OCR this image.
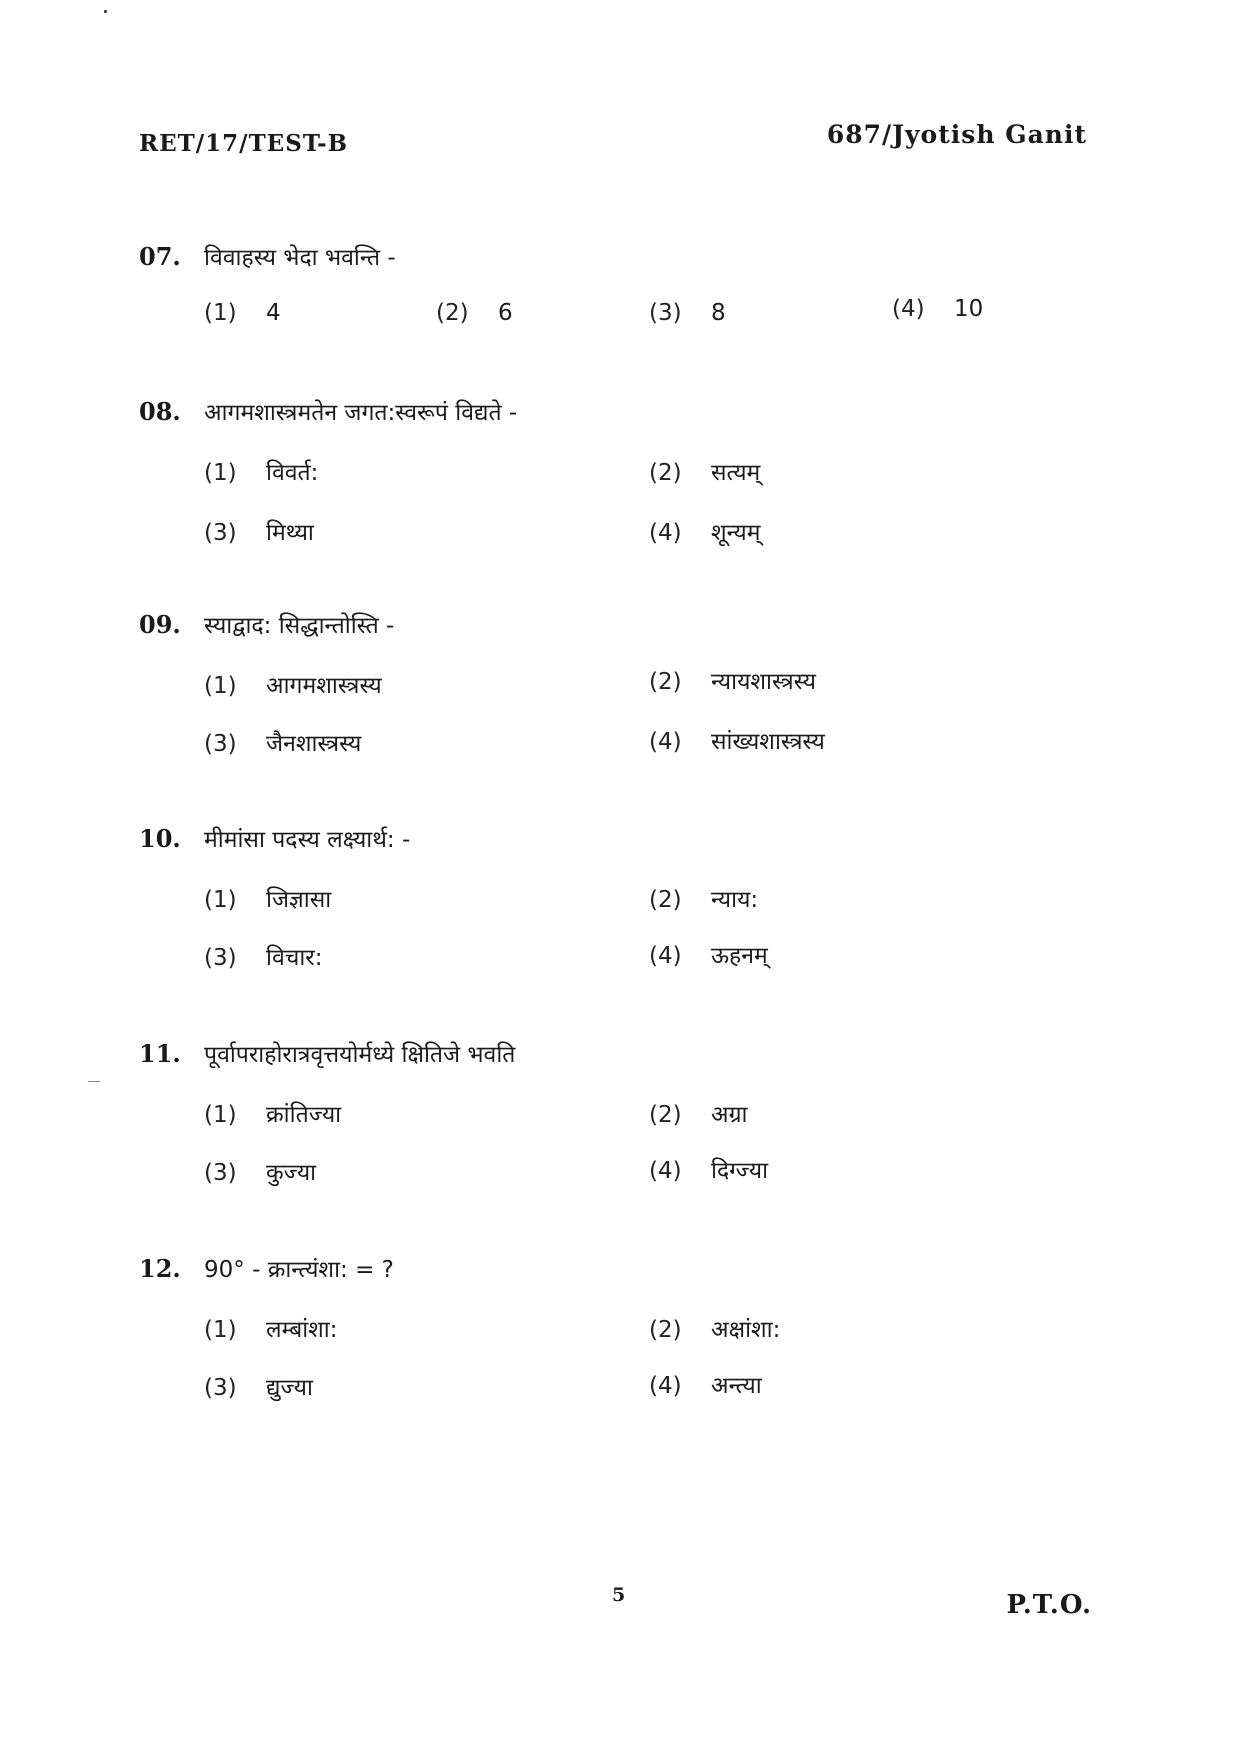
RET/17/TEST-B	687/Jyotish Ganit
07.	विवाहस्य भेदा भवन्ति -
(1)	4	(2)	6	(3)	8	(4)	10
08.	आगमशास्त्रमतेन जगत:स्वरूपं विद्यते -
(1)	विवर्त:	(2)	सत्यम्
(3)	मिथ्या	(4)	शून्यम्
09.	स्याद्वाद: सिद्धान्तोस्ति -
(1)	आगमशास्त्रस्य	(2)	न्यायशास्त्रस्य
(3)	जैनशास्त्रस्य	(4)	सांख्यशास्त्रस्य
10.	मीमांसा पदस्य लक्ष्यार्थ: -
(1)	जिज्ञासा	(2)	न्याय:
(3)	विचार:	(4)	ऊहनम्
11.	पूर्वापराहोरात्रवृत्तयोर्मध्ये क्षितिजे भवति
(1)	क्रांतिज्या	(2)	अग्रा
(3)	कुज्या	(4)	दिग्ज्या
12.	90° - क्रान्त्यंशा: = ?
(1)	लम्बांशा:	(2)	अक्षांशा:
(3)	द्युज्या	(4)	अन्त्या
5	P.T.O.
